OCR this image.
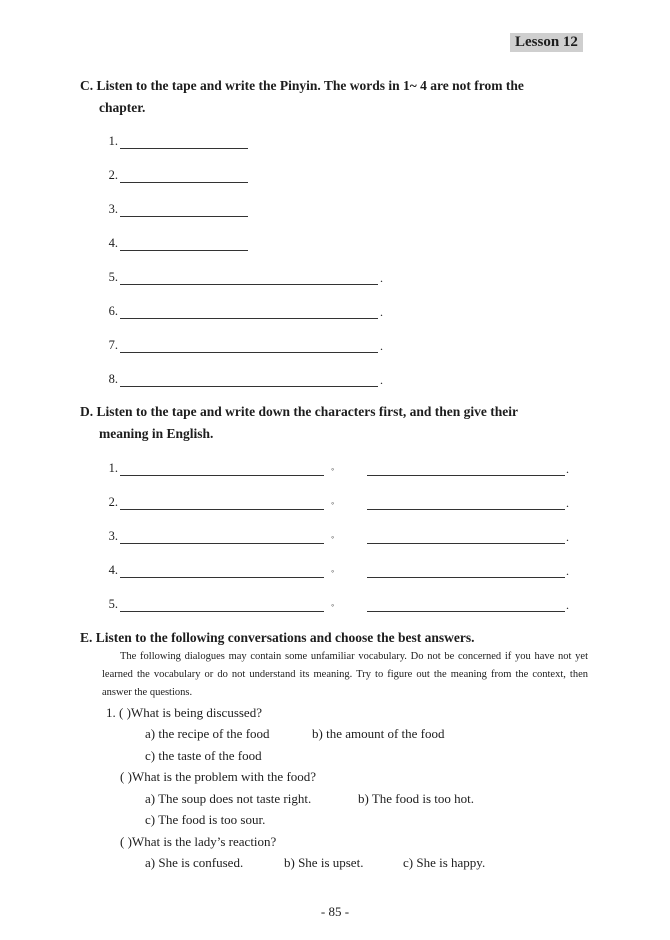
Lesson 12
C. Listen to the tape and write the Pinyin. The words in 1~ 4 are not from the
chapter.
1.
2.
3.
4.
5.	.
6.	.
7.	.
8.	.
D. Listen to the tape and write down the characters first, and then give their
meaning in English.
1.	◦	.
2.	◦	.
3.	◦	.
4.	◦	.
5.	◦	.
E. Listen to the following conversations and choose the best answers.
The following dialogues may contain some unfamiliar vocabulary. Do not be concerned if you have not yet learned the vocabulary or do not understand its meaning. Try to figure out the meaning from the context, then answer the questions.
1. ( )What is being discussed?
a) the recipe of the food	b) the amount of the food
c) the taste of the food
( )What is the problem with the food?
a) The soup does not taste right.	b) The food is too hot.
c) The food is too sour.
( )What is the lady’s reaction?
a) She is confused.	b) She is upset.	c) She is happy.
- 85 -
